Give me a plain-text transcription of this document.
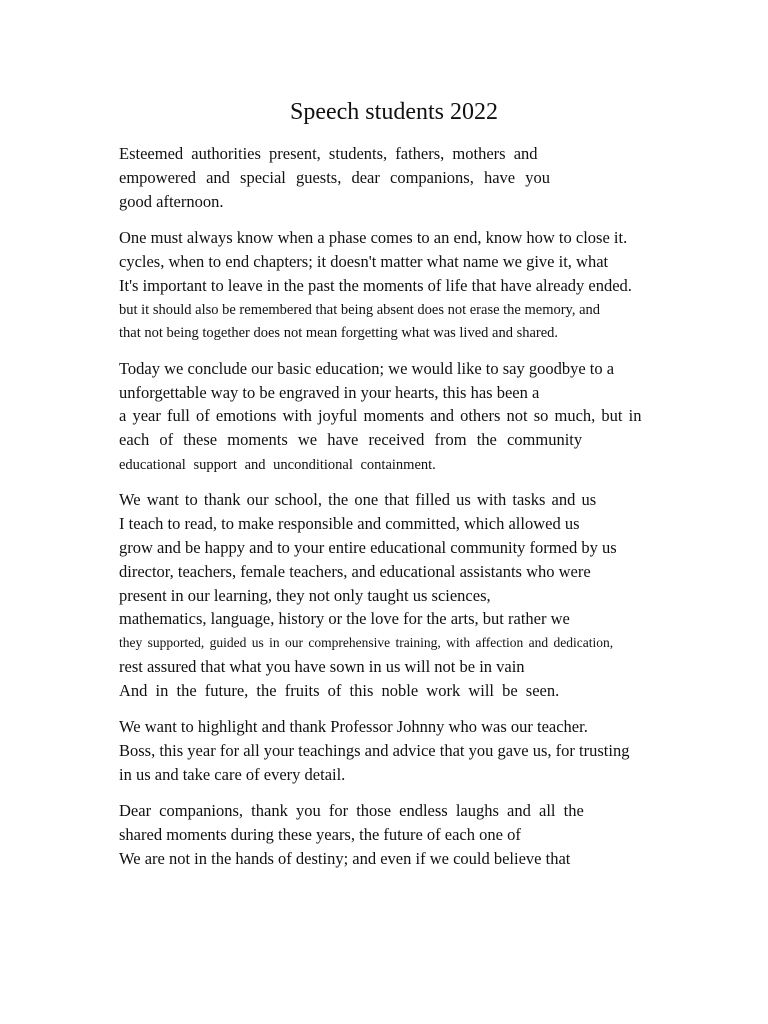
Speech students 2022
Esteemed authorities present, students, fathers, mothers and
empowered and special guests, dear companions, have you
good afternoon.
One must always know when a phase comes to an end, know how to close it.
cycles, when to end chapters; it doesn't matter what name we give it, what
It's important to leave in the past the moments of life that have already ended.
but it should also be remembered that being absent does not erase the memory, and
that not being together does not mean forgetting what was lived and shared.
Today we conclude our basic education; we would like to say goodbye to a
unforgettable way to be engraved in your hearts, this has been a
a year full of emotions with joyful moments and others not so much, but in
each of these moments we have received from the community
educational support and unconditional containment.
We want to thank our school, the one that filled us with tasks and us
I teach to read, to make responsible and committed, which allowed us
grow and be happy and to your entire educational community formed by us
director, teachers, female teachers, and educational assistants who were
present in our learning, they not only taught us sciences,
mathematics, language, history or the love for the arts, but rather we
they supported, guided us in our comprehensive training, with affection and dedication,
rest assured that what you have sown in us will not be in vain
And in the future, the fruits of this noble work will be seen.
We want to highlight and thank Professor Johnny who was our teacher.
Boss, this year for all your teachings and advice that you gave us, for trusting
in us and take care of every detail.
Dear companions, thank you for those endless laughs and all the
shared moments during these years, the future of each one of
We are not in the hands of destiny; and even if we could believe that
